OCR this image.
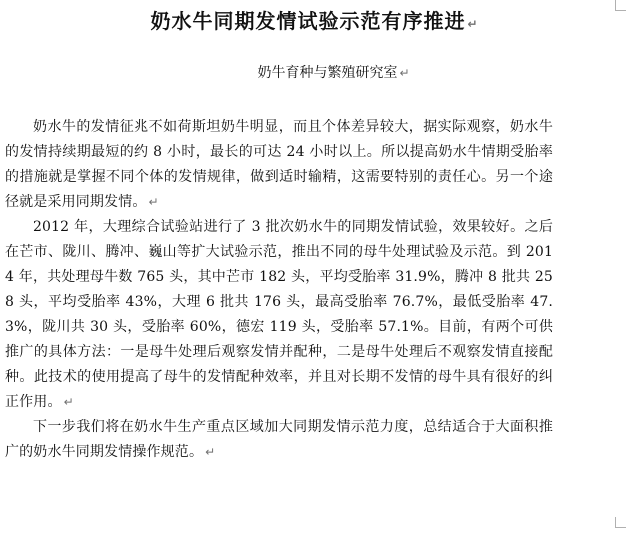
奶水牛同期发情试验示范有序推进 ↵
奶牛育种与繁殖研究室 ↵

奶水牛的发情征兆不如荷斯坦奶牛明显，而且个体差异较大，据实际观察，奶水牛的发情持续期最短的约 8 小时，最长的可达 24 小时以上。所以提高奶水牛情期受胎率的措施就是掌握不同个体的发情规律，做到适时输精，这需要特别的责任心。另一个途径就是采用同期发情。 ↵

2012 年，大理综合试验站进行了 3 批次奶水牛的同期发情试验，效果较好。之后在芒市、陇川、腾冲、巍山等扩大试验示范，推出不同的母牛处理试验及示范。到 2014 年，共处理母牛数 765 头，其中芒市 182 头，平均受胎率 31.9%，腾冲 8 批共 258 头，平均受胎率 43%，大理 6 批共 176 头，最高受胎率 76.7%，最低受胎率 47.3%，陇川共 30 头，受胎率 60%，德宏 119 头，受胎率 57.1%。目前，有两个可供推广的具体方法：一是母牛处理后观察发情并配种，二是母牛处理后不观察发情直接配种。此技术的使用提高了母牛的发情配种效率，并且对长期不发情的母牛具有很好的纠正作用。 ↵

下一步我们将在奶水牛生产重点区域加大同期发情示范力度，总结适合于大面积推广的奶水牛同期发情操作规范。 ↵
